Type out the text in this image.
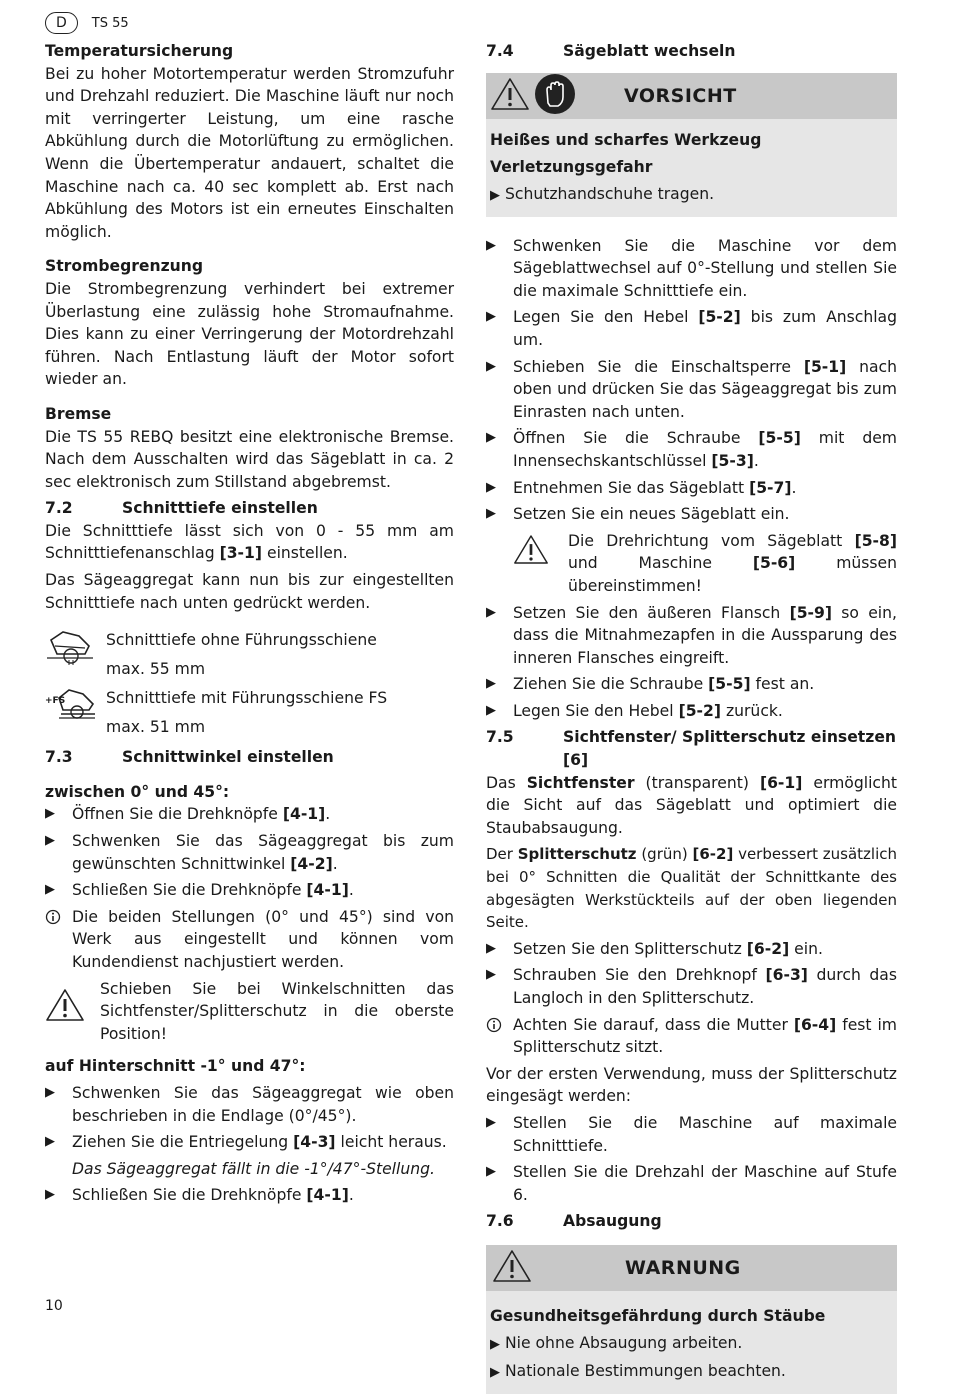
D	TS 55
Temperatursicherung

Bei zu hoher Motortemperatur werden Stromzufuhr und Drehzahl reduziert. Die Maschine läuft nur noch mit verringerter Leistung, um eine rasche Abkühlung durch die Motorlüftung zu ermöglichen. Wenn die Übertemperatur andauert, schaltet die Maschine nach ca. 40 sec komplett ab. Erst nach Abkühlung des Motors ist ein erneutes Einschalten möglich.

Strombegrenzung

Die Strombegrenzung verhindert bei extremer Überlastung eine zulässig hohe Stromaufnahme. Dies kann zu einer Verringerung der Motordrehzahl führen. Nach Entlastung läuft der Motor sofort wieder an.

Bremse

Die TS 55 REBQ besitzt eine elektronische Bremse. Nach dem Ausschalten wird das Sägeblatt in ca. 2 sec elektronisch zum Stillstand abgebremst.

7.2	Schnitttiefe einstellen

Die Schnitttiefe lässt sich von 0 - 55 mm am Schnitttiefenanschlag [3-1] einstellen.

Das Sägeaggregat kann nun bis zur eingestellten Schnitttiefe nach unten gedrückt werden.

Schnitttiefe ohne Führungsschiene
max. 55 mm
+FS	Schnitttiefe mit Führungsschiene FS
max. 51 mm
7.3	Schnittwinkel einstellen
zwischen 0° und 45°:
▶	Öffnen Sie die Drehknöpfe [4-1].
▶	Schwenken Sie das Sägeaggregat bis zum gewünschten Schnittwinkel [4-2].
▶	Schließen Sie die Drehknöpfe [4-1].
Die beiden Stellungen (0° und 45°) sind von Werk aus eingestellt und können vom Kundendienst nachjustiert werden.

Schieben Sie bei Winkelschnitten das Sichtfenster/Splitterschutz in die oberste Position!

auf Hinterschnitt -1° und 47°:
▶	Schwenken Sie das Sägeaggregat wie oben beschrieben in die Endlage (0°/45°).
▶	Ziehen Sie die Entriegelung [4-3] leicht heraus.
Das Sägeaggregat fällt in die -1°/47°-Stellung.
▶	Schließen Sie die Drehknöpfe [4-1].
7.4	Sägeblatt wechseln
VORSICHT
Heißes und scharfes Werkzeug
Verletzungsgefahr
▶ Schutzhandschuhe tragen.
▶	Schwenken Sie die Maschine vor dem Sägeblattwechsel auf 0°-Stellung und stellen Sie die maximale Schnitttiefe ein.
▶	Legen Sie den Hebel [5-2] bis zum Anschlag um.
▶	Schieben Sie die Einschaltsperre [5-1] nach oben und drücken Sie das Sägeaggregat bis zum Einrasten nach unten.
▶	Öffnen Sie die Schraube [5-5] mit dem Innensechskantschlüssel [5-3].
▶	Entnehmen Sie das Sägeblatt [5-7].
▶	Setzen Sie ein neues Sägeblatt ein.

Die Drehrichtung vom Sägeblatt [5-8] und Maschine [5-6] müssen übereinstimmen!

▶	Setzen Sie den äußeren Flansch [5-9] so ein, dass die Mitnahmezapfen in die Aussparung des inneren Flansches eingreift.
▶	Ziehen Sie die Schraube [5-5] fest an.
▶	Legen Sie den Hebel [5-2] zurück.
7.5	Sichtfenster/ Splitterschutz einsetzen [6]

Das Sichtfenster (transparent) [6-1] ermöglicht die Sicht auf das Sägeblatt und optimiert die Staubabsaugung.

Der Splitterschutz (grün) [6-2] verbessert zusätzlich bei 0° Schnitten die Qualität der Schnittkante des abgesägten Werkstückteils auf der oben liegenden Seite.

▶	Setzen Sie den Splitterschutz [6-2] ein.
▶	Schrauben Sie den Drehknopf [6-3] durch das Langloch in den Splitterschutz.
Achten Sie darauf, dass die Mutter [6-4] fest im Splitterschutz sitzt.

Vor der ersten Verwendung, muss der Splitterschutz eingesägt werden:

▶	Stellen Sie die Maschine auf maximale Schnitttiefe.
▶	Stellen Sie die Drehzahl der Maschine auf Stufe 6.
7.6	Absaugung
WARNUNG
Gesundheitsgefährdung durch Stäube
▶ Nie ohne Absaugung arbeiten.
▶ Nationale Bestimmungen beachten.
10
